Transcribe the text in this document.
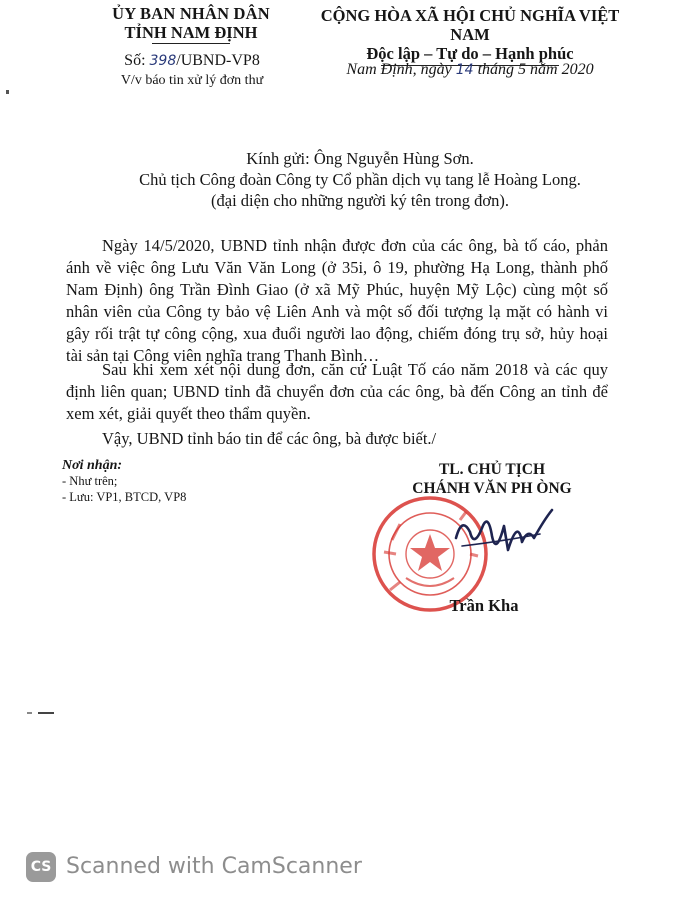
ỦY BAN NHÂN DÂN
TỈNH NAM ĐỊNH
Số: 398/UBND-VP8
V/v báo tin xử lý đơn thư
CỘNG HÒA XÃ HỘI CHỦ NGHĨA VIỆT NAM
Độc lập – Tự do – Hạnh phúc
Nam Định, ngày 14 tháng 5 năm 2020
Kính gửi: Ông Nguyễn Hùng Sơn.
Chủ tịch Công đoàn Công ty Cổ phần dịch vụ tang lễ Hoàng Long.
(đại diện cho những người ký tên trong đơn).
Ngày 14/5/2020, UBND tỉnh nhận được đơn của các ông, bà tố cáo, phản ánh về việc ông Lưu Văn Văn Long (ở 35i, ô 19, phường Hạ Long, thành phố Nam Định) ông Trần Đình Giao (ở xã Mỹ Phúc, huyện Mỹ Lộc) cùng một số nhân viên của Công ty bảo vệ Liên Anh và một số đối tượng lạ mặt có hành vi gây rối trật tự công cộng, xua đuổi người lao động, chiếm đóng trụ sở, hủy hoại tài sản tại Công viên nghĩa trang Thanh Bình…
Sau khi xem xét nội dung đơn, căn cứ Luật Tố cáo năm 2018 và các quy định liên quan; UBND tỉnh đã chuyển đơn của các ông, bà đến Công an tỉnh để xem xét, giải quyết theo thẩm quyền.
Vậy, UBND tỉnh báo tin để các ông, bà được biết./
Nơi nhận:
- Như trên;
- Lưu: VP1, BTCD, VP8
TL. CHỦ TỊCH
CHÁNH VĂN PH ÒNG
Trần Kha
CS Scanned with CamScanner
